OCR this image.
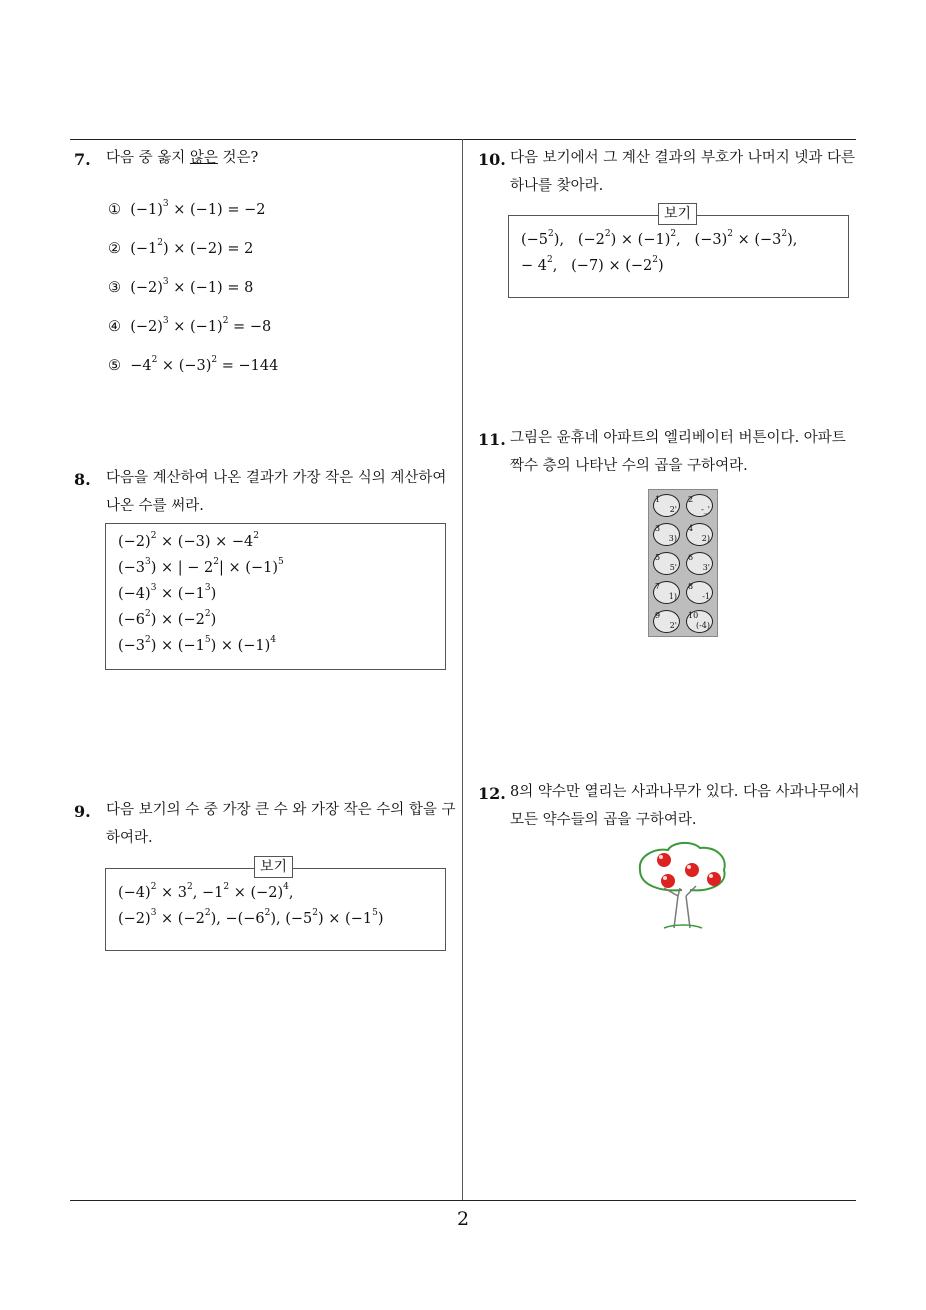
2
7. 다음 중 옳지 않은 것은?
① $(-1)^3 \times (-1) = -2$
② $(-1^2) \times (-2) = 2$
③ $(-2)^3 \times (-1) = 8$
④ $(-2)^3 \times (-1)^2 = -8$
⑤ $-4^2 \times (-3)^2 = -144$
8. 다음을 계산하여 나온 결과가 가장 작은 식의 계산하여 나온 수를 써라.
$(-2)^2 \times (-3) \times -4^2$
$(-3^3)$ × | − $2^2| \times (-1)^5$
$(-4)^3 \times (-1^3)$
$(-6^2) \times (-2^2)$
$(-3^2) \times (-1^5) \times (-1)^4$
9. 다음 보기의 수 중 가장 큰 수 와 가장 작은 수의 합을 구하여라.
$(-4)^2 \times 3^2$, $-1^2 \times (-2)^4$,
$(-2)^3 \times (-2^2)$, $-(-6^2)$, $(-5^2) \times (-1^5)$
보기
10. 다음 보기에서 그 계산 결과의 부호가 나머지 넷과 다른 하나를 찾아라.
$(-5^2)$,   $(-2^2) \times (-1)^2$,   $(-3)^2 \times (-3^2)$,
− $4^2$,   $(-7) \times (-2^2)$
보기
11. 그림은 윤휴네 아파트의 엘리베이터 버튼이다. 아파트 짝수 층의 나타난 수의 곱을 구하여라.
1
2'
2
-_'
3
3)
4
2)
5
5'
6
3'
7
1)
8
-1
9
2'
10
(-4)
12. 8의 약수만 열리는 사과나무가 있다. 다음 사과나무에서 모든 약수들의 곱을 구하여라.
